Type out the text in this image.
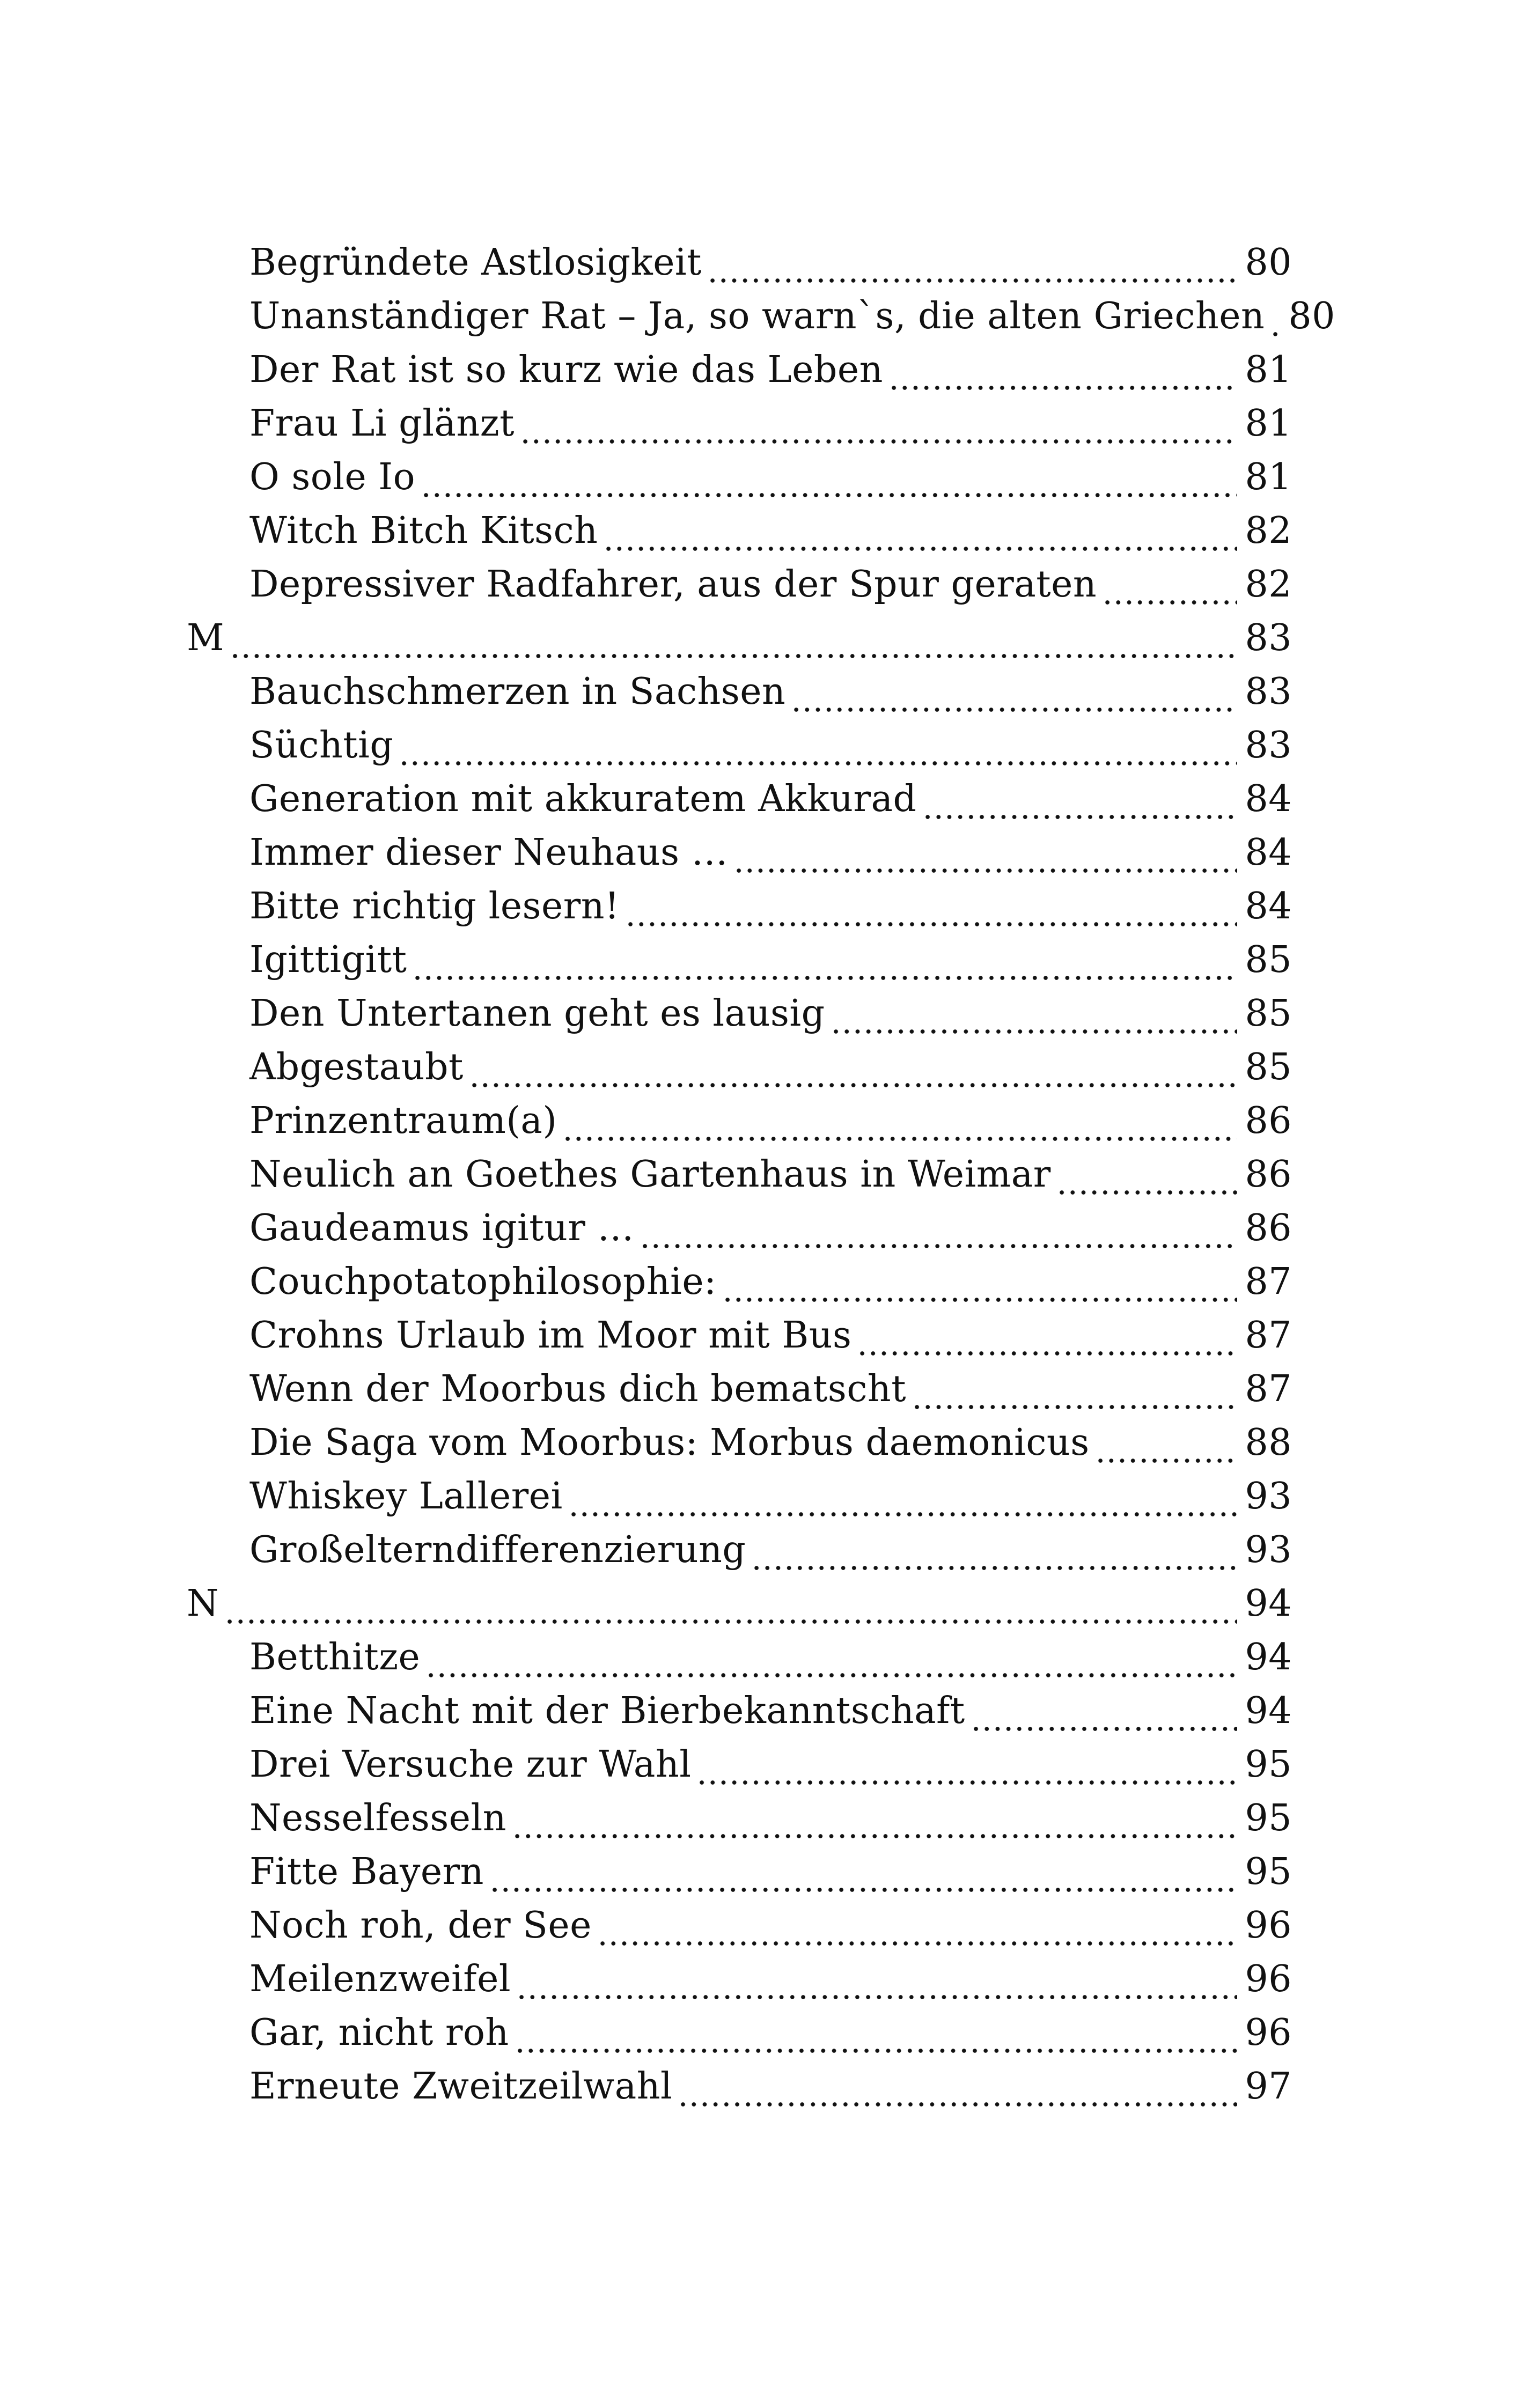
Begründete Astlosigkeit	80
Unanständiger Rat – Ja, so warn`s, die alten Griechen 80
Der Rat ist so kurz wie das Leben	81
Frau Li glänzt	81
O sole Io	81
Witch Bitch Kitsch	82
Depressiver Radfahrer, aus der Spur geraten	82
M	83
Bauchschmerzen in Sachsen	83
Süchtig	83
Generation mit akkuratem Akkurad	84
Immer dieser Neuhaus …	84
Bitte richtig lesern!	84
Igittigitt	85
Den Untertanen geht es lausig	85
Abgestaubt	85
Prinzentraum(a)	86
Neulich an Goethes Gartenhaus in Weimar	86
Gaudeamus igitur …	86
Couchpotatophilosophie:	87
Crohns Urlaub im Moor mit Bus	87
Wenn der Moorbus dich bematscht	87
Die Saga vom Moorbus: Morbus daemonicus	88
Whiskey Lallerei	93
Großelterndifferenzierung	93
N	94
Betthitze	94
Eine Nacht mit der Bierbekanntschaft	94
Drei Versuche zur Wahl	95
Nesselfesseln	95
Fitte Bayern	95
Noch roh, der See	96
Meilenzweifel	96
Gar, nicht roh	96
Erneute Zweitzeilwahl	97
